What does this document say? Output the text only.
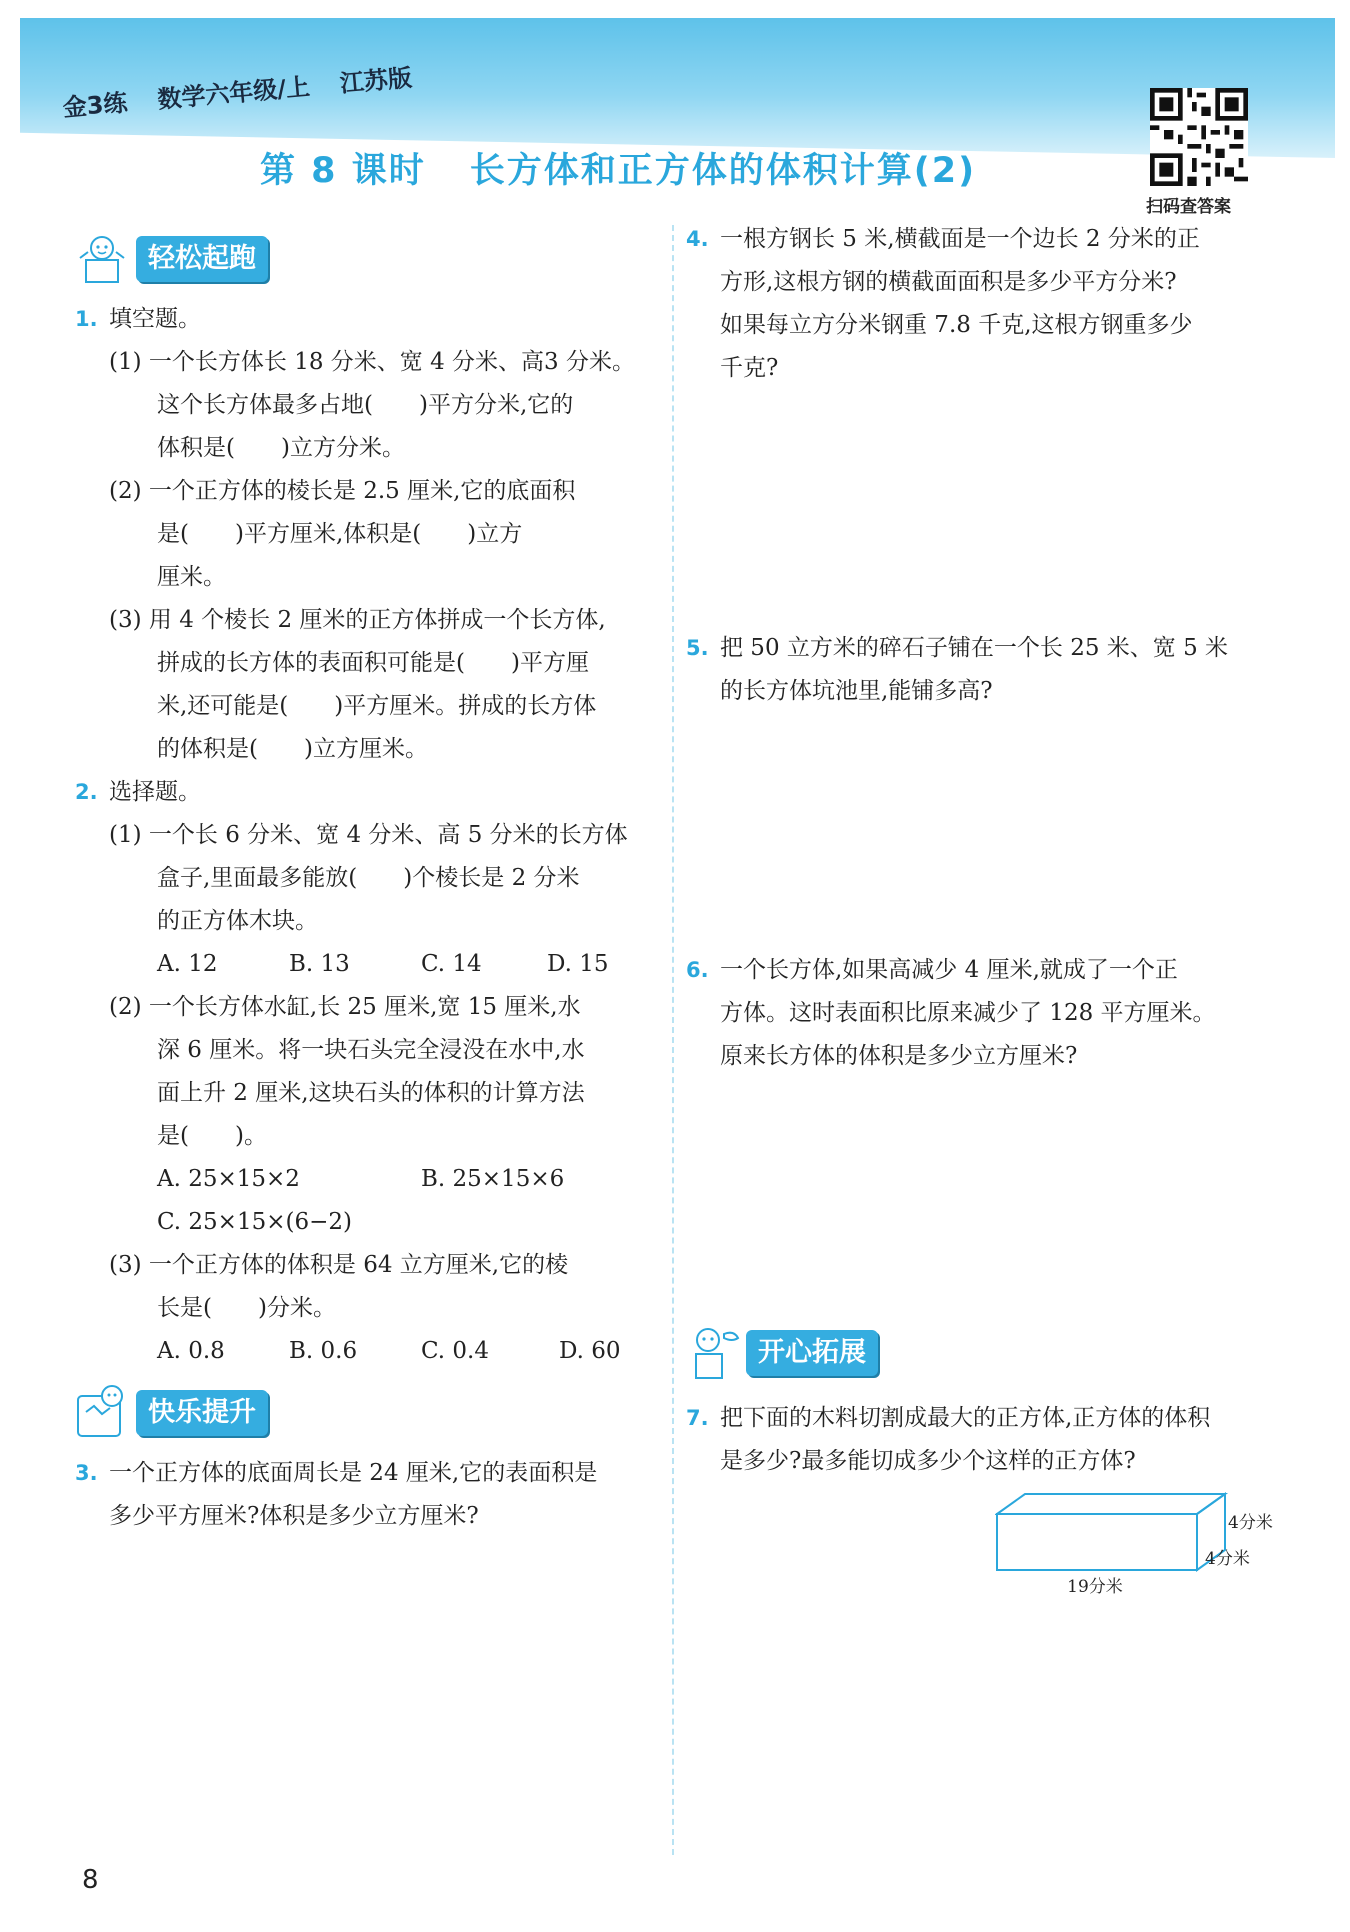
金3练 数学六年级/上 江苏版
第 8 课时 长方体和正方体的体积计算(2)
扫码查答案
轻松起跑
1. 填空题。
(1) 一个长方体长 18 分米、宽 4 分米、高3 分米。
这个长方体最多占地(　　)平方分米,它的
体积是(　　)立方分米。
(2) 一个正方体的棱长是 2.5 厘米,它的底面积
是(　　)平方厘米,体积是(　　)立方
厘米。
(3) 用 4 个棱长 2 厘米的正方体拼成一个长方体,
拼成的长方体的表面积可能是(　　)平方厘
米,还可能是(　　)平方厘米。拼成的长方体
的体积是(　　)立方厘米。
2. 选择题。
(1) 一个长 6 分米、宽 4 分米、高 5 分米的长方体
盒子,里面最多能放(　　)个棱长是 2 分米
的正方体木块。
A. 12	B. 13	C. 14	D. 15
(2) 一个长方体水缸,长 25 厘米,宽 15 厘米,水
深 6 厘米。将一块石头完全浸没在水中,水
面上升 2 厘米,这块石头的体积的计算方法
是(　　)。
A. 25×15×2	B. 25×15×6
C. 25×15×(6−2)
(3) 一个正方体的体积是 64 立方厘米,它的棱
长是(　　)分米。
A. 0.8	B. 0.6	C. 0.4	D. 60
快乐提升
3. 一个正方体的底面周长是 24 厘米,它的表面积是
多少平方厘米?体积是多少立方厘米?
4. 一根方钢长 5 米,横截面是一个边长 2 分米的正
方形,这根方钢的横截面面积是多少平方分米?
如果每立方分米钢重 7.8 千克,这根方钢重多少
千克?
5. 把 50 立方米的碎石子铺在一个长 25 米、宽 5 米
的长方体坑池里,能铺多高?
6. 一个长方体,如果高减少 4 厘米,就成了一个正
方体。这时表面积比原来减少了 128 平方厘米。
原来长方体的体积是多少立方厘米?
开心拓展
7. 把下面的木料切割成最大的正方体,正方体的体积
是多少?最多能切成多少个这样的正方体?
4分米
4分米
19分米
8
